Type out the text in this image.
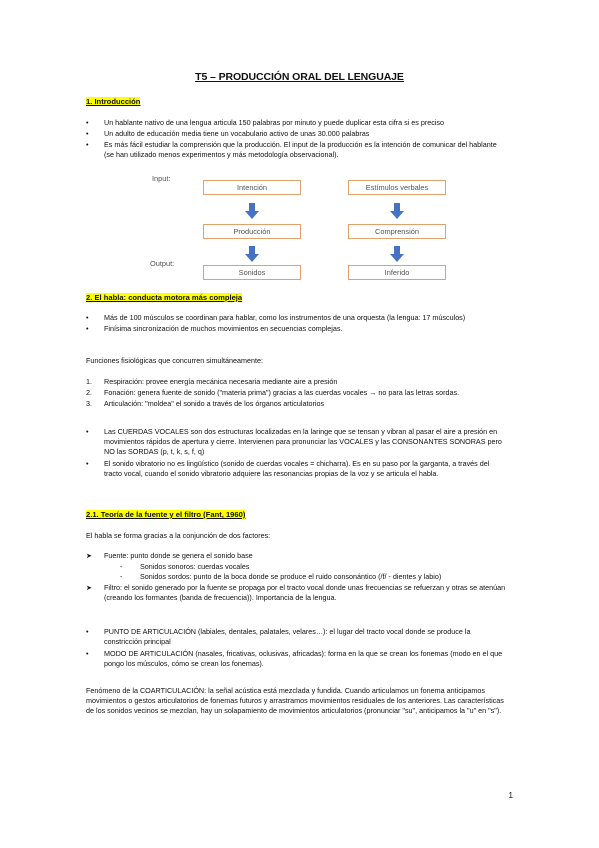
T5 – PRODUCCIÓN ORAL DEL LENGUAJE
1. Introducción
• Un hablante nativo de una lengua articula 150 palabras por minuto y puede duplicar esta cifra si es preciso
• Un adulto de educación media tiene un vocabulario activo de unas 30.000 palabras
• Es más fácil estudiar la comprensión que la producción. El input de la producción es la intención de comunicar del hablante (se han utilizado menos experimentos y más metodología observacional).
Input:
Output:
Intención
Producción
Sonidos
Estímulos verbales
Comprensión
Inferido
2. El habla: conducta motora más compleja
• Más de 100 músculos se coordinan para hablar, como los instrumentos de una orquesta (la lengua: 17 músculos)
• Finísima sincronización de muchos movimientos en secuencias complejas.
Funciones fisiológicas que concurren simultáneamente:
1. Respiración: provee energía mecánica necesaria mediante aire a presión
2. Fonación: genera fuente de sonido ("materia prima") gracias a las cuerdas vocales → no para las letras sordas.
3. Articulación: "moldea" el sonido a través de los órganos articulatorios
• Las CUERDAS VOCALES son dos estructuras localizadas en la laringe que se tensan y vibran al pasar el aire a presión en movimientos rápidos de apertura y cierre. Intervienen para pronunciar las VOCALES y las CONSONANTES SONORAS pero NO las SORDAS (p, t, k, s, f, q)
• El sonido vibratorio no es lingüístico (sonido de cuerdas vocales = chicharra). Es en su paso por la garganta, a través del tracto vocal, cuando el sonido vibratorio adquiere las resonancias propias de la voz y se articula el habla.
2.1. Teoría de la fuente y el filtro (Fant, 1960)
El habla se forma gracias a la conjunción de dos factores:
➤ Fuente: punto donde se genera el sonido base
- Sonidos sonoros: cuerdas vocales
- Sonidos sordos: punto de la boca donde se produce el ruido consonántico (/f/ - dientes y labio)
➤ Filtro: el sonido generado por la fuente se propaga por el tracto vocal donde unas frecuencias se refuerzan y otras se atenúan (creando los formantes (banda de frecuencia)). Importancia de la lengua.
• PUNTO DE ARTICULACIÓN (labiales, dentales, palatales, velares…): el lugar del tracto vocal donde se produce la constricción principal
• MODO DE ARTICULACIÓN (nasales, fricativas, oclusivas, africadas): forma en la que se crean los fonemas (modo en el que pongo los músculos, cómo se crean los fonemas).
Fenómeno de la COARTICULACIÓN: la señal acústica está mezclada y fundida. Cuando articulamos un fonema anticipamos movimientos o gestos articulatorios de fonemas futuros y arrastramos movimientos residuales de los anteriores. Las características de los sonidos vecinos se mezclan, hay un solapamiento de movimientos articulatorios (pronunciar "su", anticipamos la "u" en "s").
1
